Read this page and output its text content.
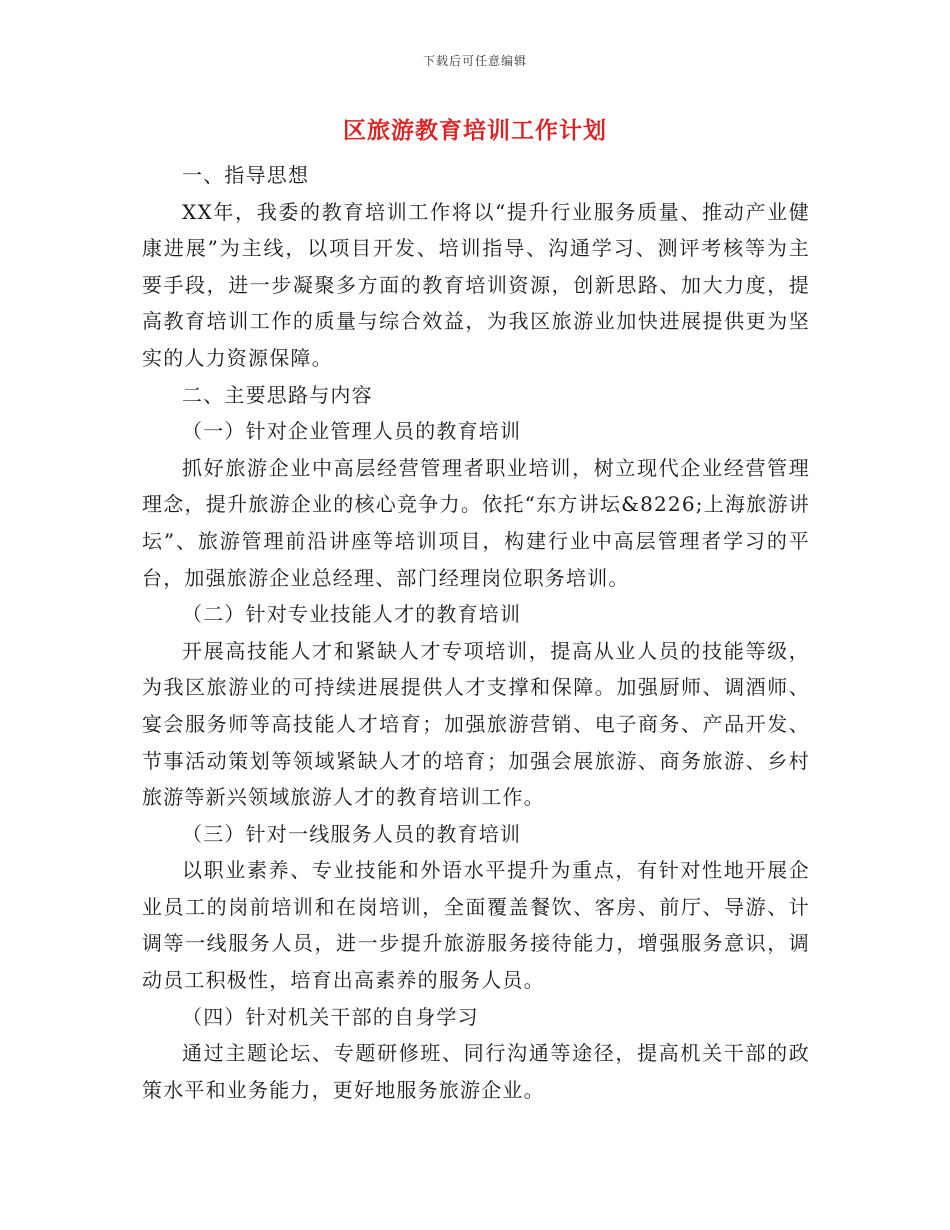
下载后可任意编辑
区旅游教育培训工作计划

一、指导思想

XX年，我委的教育培训工作将以“提升行业服务质量、推动产业健康进展”为主线，以项目开发、培训指导、沟通学习、测评考核等为主要手段，进一步凝聚多方面的教育培训资源，创新思路、加大力度，提高教育培训工作的质量与综合效益，为我区旅游业加快进展提供更为坚实的人力资源保障。

二、主要思路与内容

（一）针对企业管理人员的教育培训

抓好旅游企业中高层经营管理者职业培训，树立现代企业经营管理理念，提升旅游企业的核心竞争力。依托“东方讲坛&8226;上海旅游讲坛”、旅游管理前沿讲座等培训项目，构建行业中高层管理者学习的平台，加强旅游企业总经理、部门经理岗位职务培训。

（二）针对专业技能人才的教育培训

开展高技能人才和紧缺人才专项培训，提高从业人员的技能等级，为我区旅游业的可持续进展提供人才支撑和保障。加强厨师、调酒师、宴会服务师等高技能人才培育；加强旅游营销、电子商务、产品开发、节事活动策划等领域紧缺人才的培育；加强会展旅游、商务旅游、乡村旅游等新兴领域旅游人才的教育培训工作。

（三）针对一线服务人员的教育培训

以职业素养、专业技能和外语水平提升为重点，有针对性地开展企业员工的岗前培训和在岗培训，全面覆盖餐饮、客房、前厅、导游、计调等一线服务人员，进一步提升旅游服务接待能力，增强服务意识，调动员工积极性，培育出高素养的服务人员。

（四）针对机关干部的自身学习

通过主题论坛、专题研修班、同行沟通等途径，提高机关干部的政策水平和业务能力，更好地服务旅游企业。
